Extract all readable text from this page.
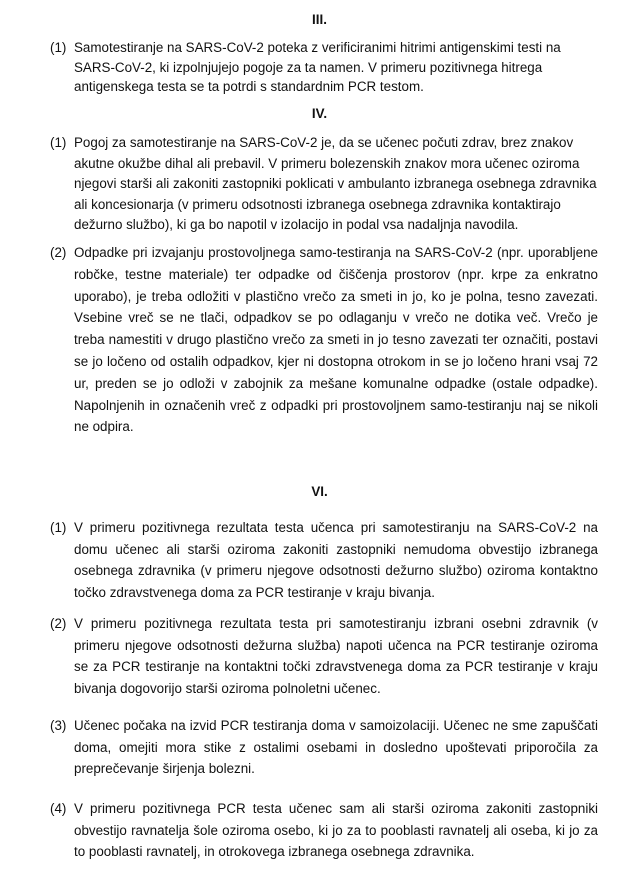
III.
(1) Samotestiranje na SARS-CoV-2 poteka z verificiranimi hitrimi antigenskimi testi na SARS-CoV-2, ki izpolnjujejo pogoje za ta namen. V primeru pozitivnega hitrega antigenskega testa se ta potrdi s standardnim PCR testom.
IV.
(1) Pogoj za samotestiranje na SARS-CoV-2 je, da se učenec počuti zdrav, brez znakov akutne okužbe dihal ali prebavil. V primeru bolezenskih znakov mora učenec oziroma njegovi starši ali zakoniti zastopniki poklicati v ambulanto izbranega osebnega zdravnika ali koncesionarja (v primeru odsotnosti izbranega osebnega zdravnika kontaktirajo dežurno službo), ki ga bo napotil v izolacijo in podal vsa nadaljnja navodila.
(2) Odpadke pri izvajanju prostovoljnega samo-testiranja na SARS-CoV-2 (npr. uporabljene robčke, testne materiale) ter odpadke od čiščenja prostorov (npr. krpe za enkratno uporabo), je treba odložiti v plastično vrečo za smeti in jo, ko je polna, tesno zavezati. Vsebine vreč se ne tlači, odpadkov se po odlaganju v vrečo ne dotika več. Vrečo je treba namestiti v drugo plastično vrečo za smeti in jo tesno zavezati ter označiti, postavi se jo ločeno od ostalih odpadkov, kjer ni dostopna otrokom in se jo ločeno hrani vsaj 72 ur, preden se jo odloži v zabojnik za mešane komunalne odpadke (ostale odpadke). Napolnjenih in označenih vreč z odpadki pri prostovoljnem samo-testiranju naj se nikoli ne odpira.
VI.
(1) V primeru pozitivnega rezultata testa učenca pri samotestiranju na SARS-CoV-2 na domu učenec ali starši oziroma zakoniti zastopniki nemudoma obvestijo izbranega osebnega zdravnika (v primeru njegove odsotnosti dežurno službo) oziroma kontaktno točko zdravstvenega doma za PCR testiranje v kraju bivanja.
(2) V primeru pozitivnega rezultata testa pri samotestiranju izbrani osebni zdravnik (v primeru njegove odsotnosti dežurna služba) napoti učenca na PCR testiranje oziroma se za PCR testiranje na kontaktni točki zdravstvenega doma za PCR testiranje v kraju bivanja dogovorijo starši oziroma polnoletni učenec.
(3) Učenec počaka na izvid PCR testiranja doma v samoizolaciji. Učenec ne sme zapuščati doma, omejiti mora stike z ostalimi osebami in dosledno upoštevati priporočila za preprečevanje širjenja bolezni.
(4) V primeru pozitivnega PCR testa učenec sam ali starši oziroma zakoniti zastopniki obvestijo ravnatelja šole oziroma osebo, ki jo za to pooblasti ravnatelj ali oseba, ki jo za to pooblasti ravnatelj, in otrokovega izbranega osebnega zdravnika.
